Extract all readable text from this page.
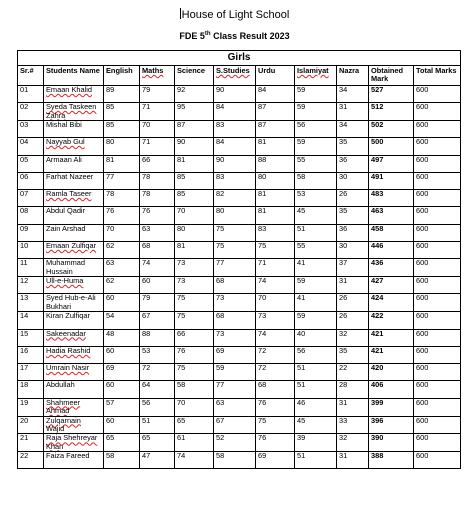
House of Light School
FDE 5th Class Result 2023
Girls										
Sr.#	Students Name	English	Maths	Science	S.Studies	Urdu	Islamiyat	Nazra	Obtained Mark	Total Marks
01	Emaan Khalid	89	79	92	90	84	59	34	527	600
02	Syeda Taskeen Zahra	85	71	95	84	87	59	31	512	600
03	Mishal Bibi	85	70	87	83	87	56	34	502	600
04	Nayyab Gul	80	71	90	84	81	59	35	500	600
05	Armaan Ali	81	66	81	90	88	55	36	497	600
06	Farhat Nazeer	77	78	85	83	80	58	30	491	600
07	Ramla Taseer	78	78	85	82	81	53	26	483	600
08	Abdul Qadir	76	76	70	80	81	45	35	463	600
09	Zain Arshad	70	63	80	75	83	51	36	458	600
10	Emaan Zulfiqar	62	68	81	75	75	55	30	446	600
11	Muhammad Hussain	63	74	73	77	71	41	37	436	600
12	Ull-e-Huma	62	60	73	68	74	59	31	427	600
13	Syed Hub-e-Ali Bukhari	60	79	75	73	70	41	26	424	600
14	Kiran Zulfiqar	54	67	75	68	73	59	26	422	600
15	Sakeenadar	48	88	66	73	74	40	32	421	600
16	Hadia Rashid	60	53	76	69	72	56	35	421	600
17	Umrain Nasir	69	72	75	59	72	51	22	420	600
18	Abdullah	60	64	58	77	68	51	28	406	600
19	Shahmeer Ahmad	57	56	70	63	76	46	31	399	600
20	Zulqarnain Wajid	60	51	65	67	75	45	33	396	600
21	Raja Shehreyar Khan	65	65	61	52	76	39	32	390	600
22	Faiza Fareed	58	47	74	58	69	51	31	388	600
